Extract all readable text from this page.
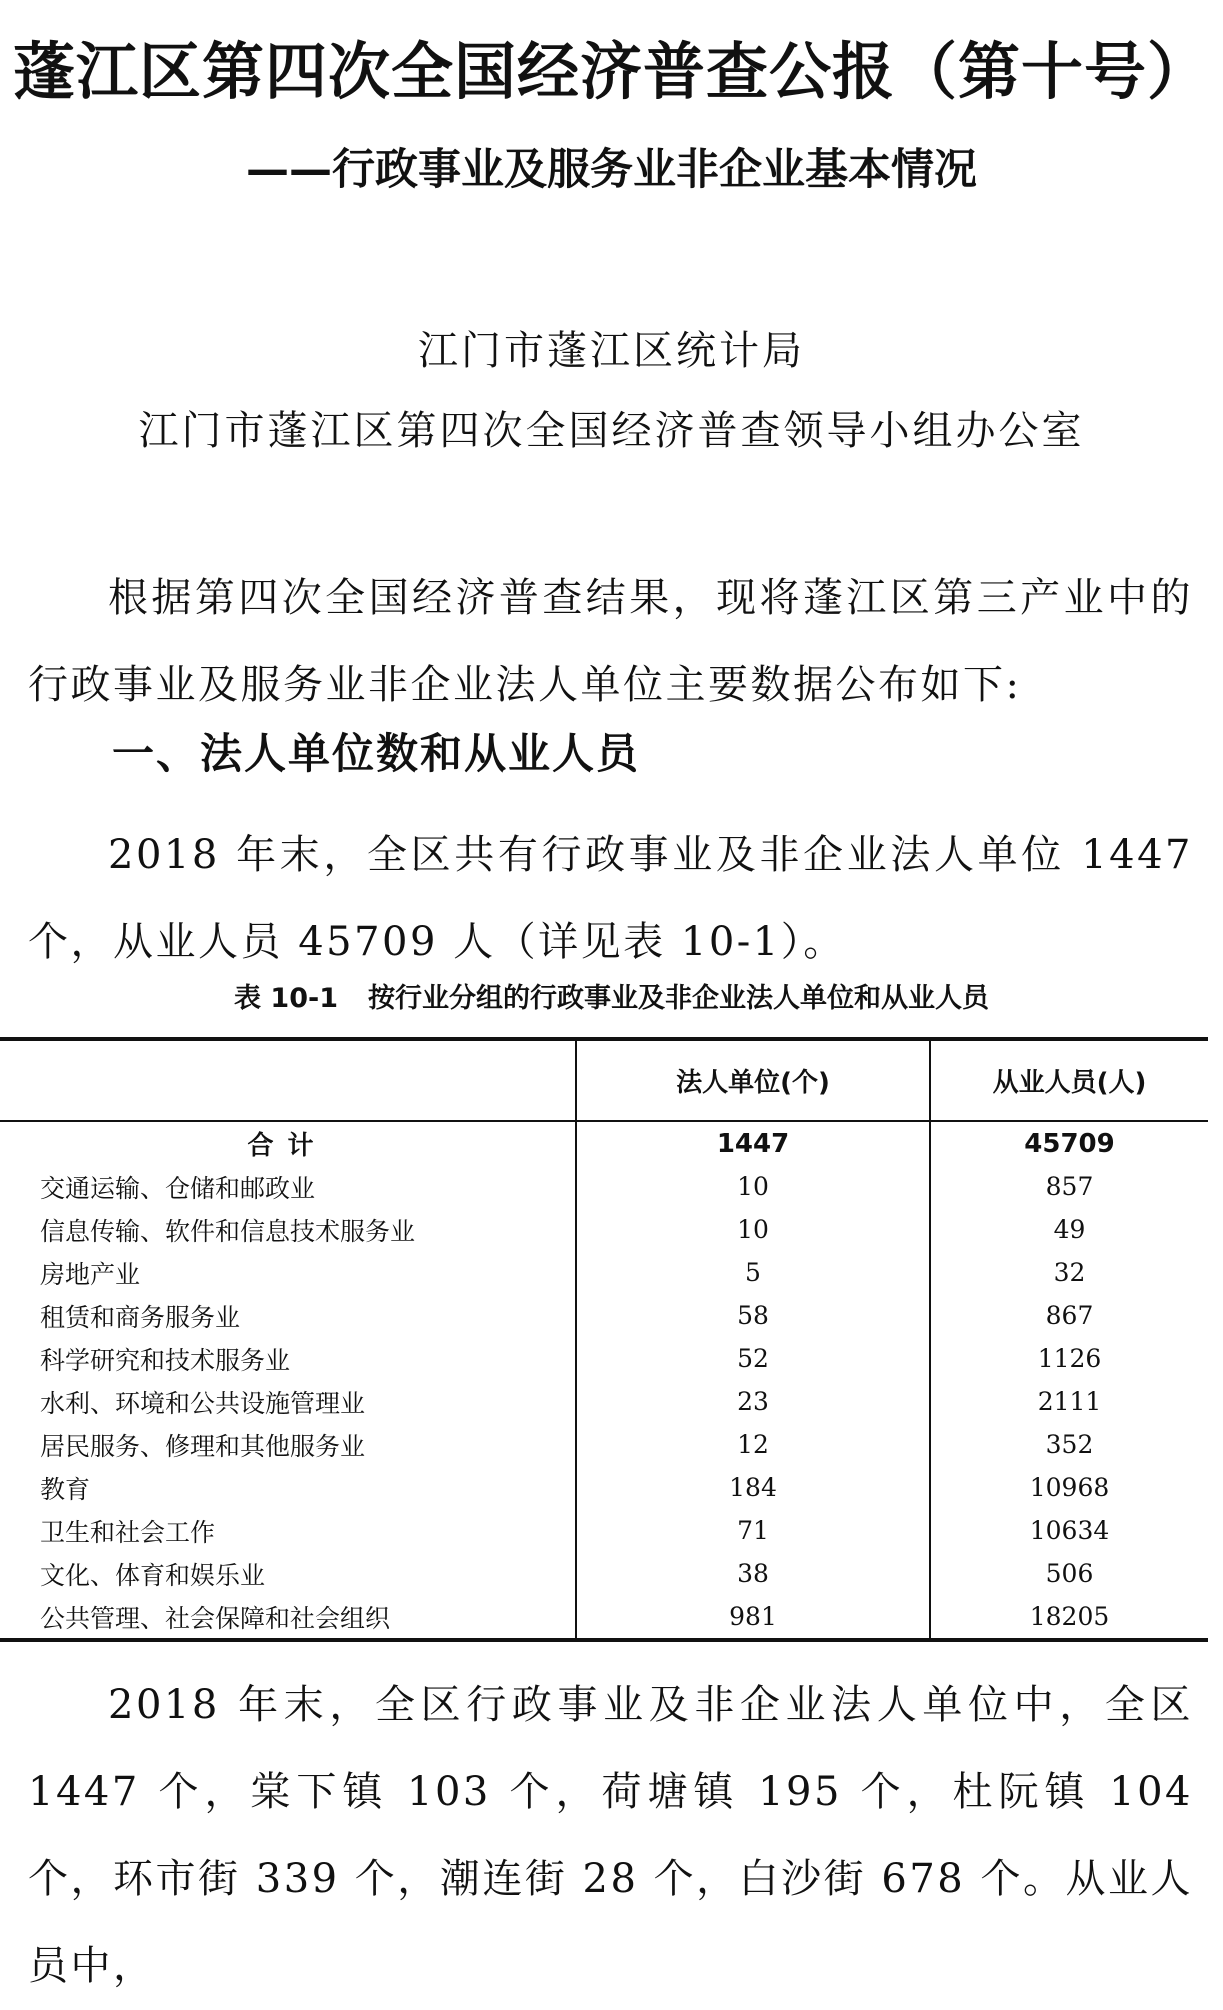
蓬江区第四次全国经济普查公报（第十号）
——行政事业及服务业非企业基本情况
江门市蓬江区统计局
江门市蓬江区第四次全国经济普查领导小组办公室

根据第四次全国经济普查结果，现将蓬江区第三产业中的行政事业及服务业非企业法人单位主要数据公布如下:

一、法人单位数和从业人员

2018 年末，全区共有行政事业及非企业法人单位 1447 个，从业人员 45709 人（详见表 10-1）。

表 10-1 按行业分组的行政事业及非企业法人单位和从业人员
	法人单位(个)	从业人员(人)
合计	1447	45709
交通运输、仓储和邮政业	10	857
信息传输、软件和信息技术服务业	10	49
房地产业	5	32
租赁和商务服务业	58	867
科学研究和技术服务业	52	1126
水利、环境和公共设施管理业	23	2111
居民服务、修理和其他服务业	12	352
教育	184	10968
卫生和社会工作	71	10634
文化、体育和娱乐业	38	506
公共管理、社会保障和社会组织	981	18205

2018 年末，全区行政事业及非企业法人单位中，全区 1447 个，棠下镇 103 个，荷塘镇 195 个，杜阮镇 104 个，环市街 339 个，潮连街 28 个，白沙街 678 个。从业人员中，
